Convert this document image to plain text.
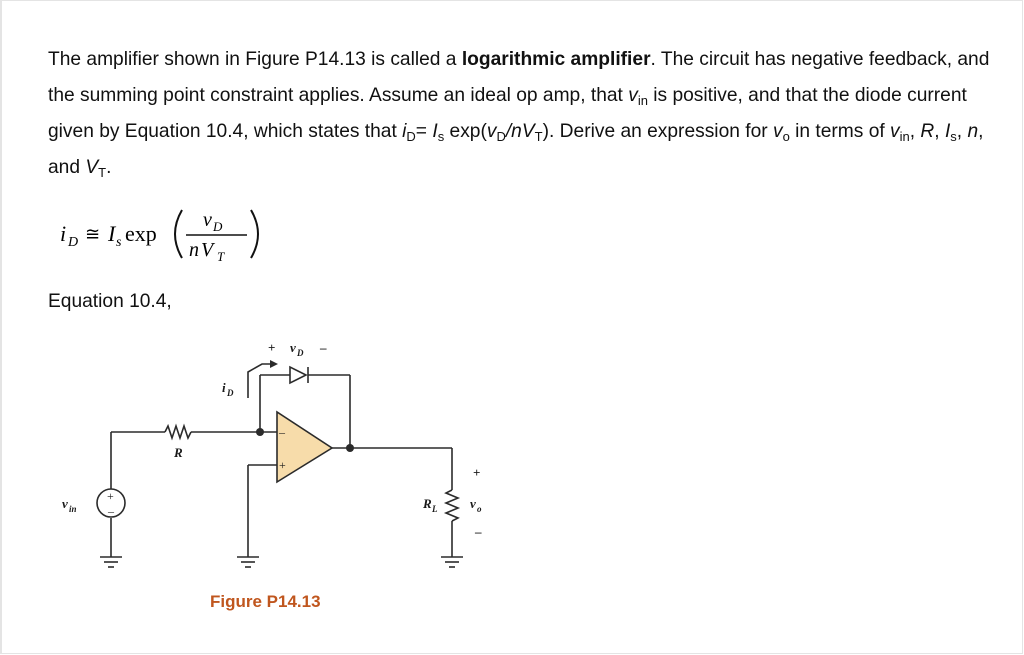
The amplifier shown in Figure P14.13 is called a logarithmic amplifier. The circuit has negative feedback, and the summing point constraint applies. Assume an ideal op amp, that $v_{in}$ is positive, and that the diode current given by Equation 10.4, which states that $i_D= I_s$ $\exp(v_D/nV_T)$. Derive an expression for $v_o$ in terms of $v_{in}$, R, $I_s$, n, and $V_T$.

i D ≅ I s exp
v D
n V T

Equation 10.4,

+
–
v in
R
i D
+ v D –
–
+
R L
+
v o
–
Figure P14.13
